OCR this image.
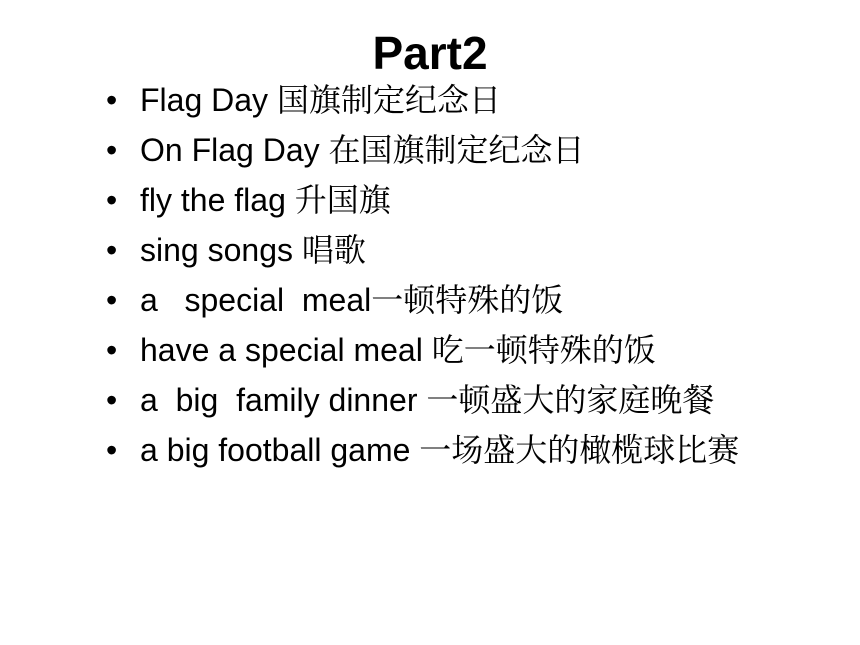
Part2
• Flag Day 国旗制定纪念日
• On Flag Day 在国旗制定纪念日
• fly the flag 升国旗
• sing songs 唱歌
• a   special  meal一顿特殊的饭
• have a special meal 吃一顿特殊的饭
• a  big  family dinner 一顿盛大的家庭晚餐
• a big football game 一场盛大的橄榄球比赛
